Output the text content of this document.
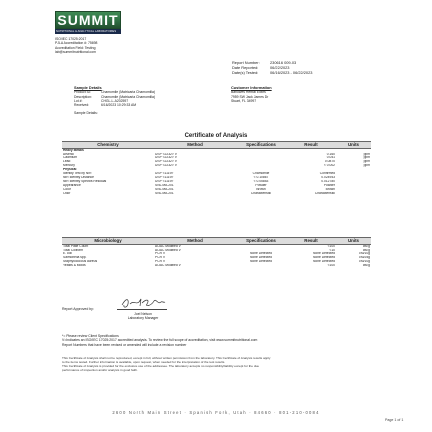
SUMMIT
NUTRITIONAL & ANALYTICAL LABORATORIES
ISO/IEC 17025:2017
PJLA Accreditation #: 75698
Accreditation Field: Testing
lab@summitnutritional.com
Report Number:	230616 009-03
Date Reported:	06/22/2023
Date(s) Tested:	06/16/2023 - 06/22/2023
Sample Details
Product ID:	Chamomile (Matricaria Chamomilla)
Description:	Chamomile (Matricaria Chamomilla)
Lot #:	CHGL-L-A202597
Received:	6/16/2023 10:29:33 AM
Sample Details:
Customer Information
Barlowes Herbal Elixirs
7959 SW Jack James Dr
Stuart, FL 34997
Certificate of Analysis
Chemistry	Method	Specifications	Result	Units
Heavy Metals				
Arsenic	USP <2232> V		0.160	ppm
Cadmium	USP <2232> V		0.041	ppm
Lead	USP <2232> V		0.0870	ppm
Mercury	USP <2232> V		< 0.002	ppm
Physical				
Identity Test by NIR	USP <1119>	Chamomile	Confirmed	
NIR Identity Distance	USP <1119>	< 0.10867	0.024943	
NIR Identity Spectra Residual	USP <1119>	< 0.05853	0.012780	
Appearance	SNL.MA.201	Powder	Powder	
Color	SNL.MA.201	Brown	Brown	
Odor	SNL.MA.201	Characteristic	Characteristic	
Microbiology	Method	Specifications	Result	Units
Total Plate Count	AOAC Modified V		<100	cfu/g
Total Coliform	AOAC Modified V		<10	cfu/g
E. coli	PCR V	None Detected	None Detected	cfu/10g
Salmonella spp.	PCR V	None Detected	None Detected	cfu/25g
Staphylococcus aureus	PCR V	None Detected	None Detected	cfu/10g
Yeasts & Molds	AOAC Modified V		<100	cfu/g
Report Approved by:
Joel Nelson
Laboratory Manager
*= Please review Client Specifications
V=Indicates an ISO/IEC 17025:2017 accredited analysis. To review the full scope of accreditation, visit www.summitnutritional.com
Report Numbers that have been revised or amended will include a revision number
This Certificate of Analysis shall not be reproduced, except in full, without written permission from the laboratory. This Certificate of Analysis results apply
to the items tested. Further information is available, upon request, when needed for the interpretation of the test results.
This Certificate of Analysis is provided for the exclusive use of the addressee. The laboratory accepts no responsibility/liability except for the due
performance of inspection and/or analysis in good faith.
2600 North Main Street · Spanish Fork, Utah · 84660 · 801-210-0084
Page 1 of 1
